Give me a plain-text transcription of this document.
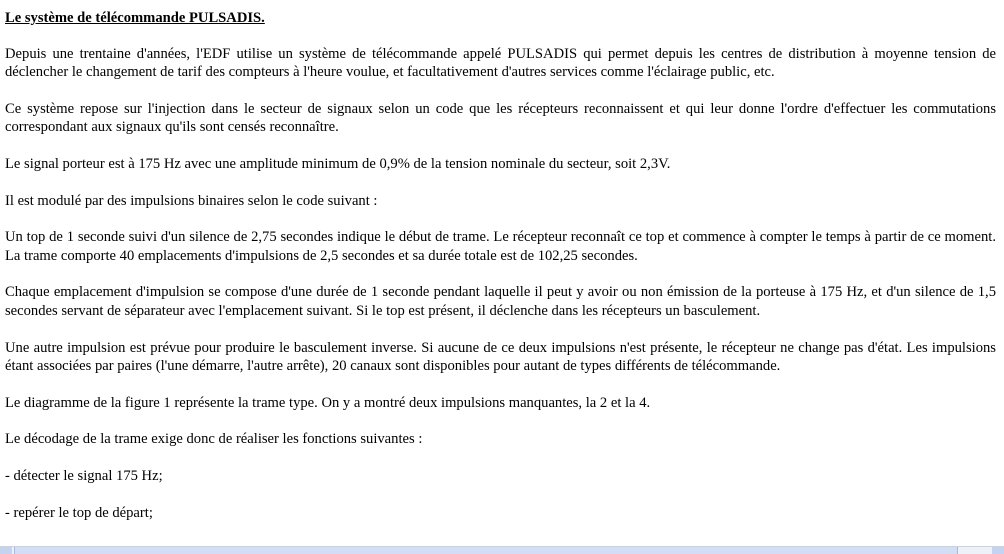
Le système de télécommande PULSADIS.

Depuis une trentaine d'années, l'EDF utilise un système de télécommande appelé PULSADIS qui permet depuis les centres de distribution à moyenne tension de déclencher le changement de tarif des compteurs à l'heure voulue, et facultativement d'autres services comme l'éclairage public, etc.

Ce système repose sur l'injection dans le secteur de signaux selon un code que les récepteurs reconnaissent et qui leur donne l'ordre d'effectuer les commutations correspondant aux signaux qu'ils sont censés reconnaître.

Le signal porteur est à 175 Hz avec une amplitude minimum de 0,9% de la tension nominale du secteur, soit 2,3V.

Il est modulé par des impulsions binaires selon le code suivant :

Un top de 1 seconde suivi d'un silence de 2,75 secondes indique le début de trame. Le récepteur reconnaît ce top et commence à compter le temps à partir de ce moment. La trame comporte 40 emplacements d'impulsions de 2,5 secondes et sa durée totale est de 102,25 secondes.

Chaque emplacement d'impulsion se compose d'une durée de 1 seconde pendant laquelle il peut y avoir ou non émission de la porteuse à 175 Hz, et d'un silence de 1,5 secondes servant de séparateur avec l'emplacement suivant. Si le top est présent, il déclenche dans les récepteurs un basculement.

Une autre impulsion est prévue pour produire le basculement inverse. Si aucune de ce deux impulsions n'est présente, le récepteur ne change pas d'état. Les impulsions étant associées par paires (l'une démarre, l'autre arrête), 20 canaux sont disponibles pour autant de types différents de télécommande.

Le diagramme de la figure 1 représente la trame type. On y a montré deux impulsions manquantes, la 2 et la 4.

Le décodage de la trame exige donc de réaliser les fonctions suivantes :

- détecter le signal 175 Hz;

- repérer le top de départ;
